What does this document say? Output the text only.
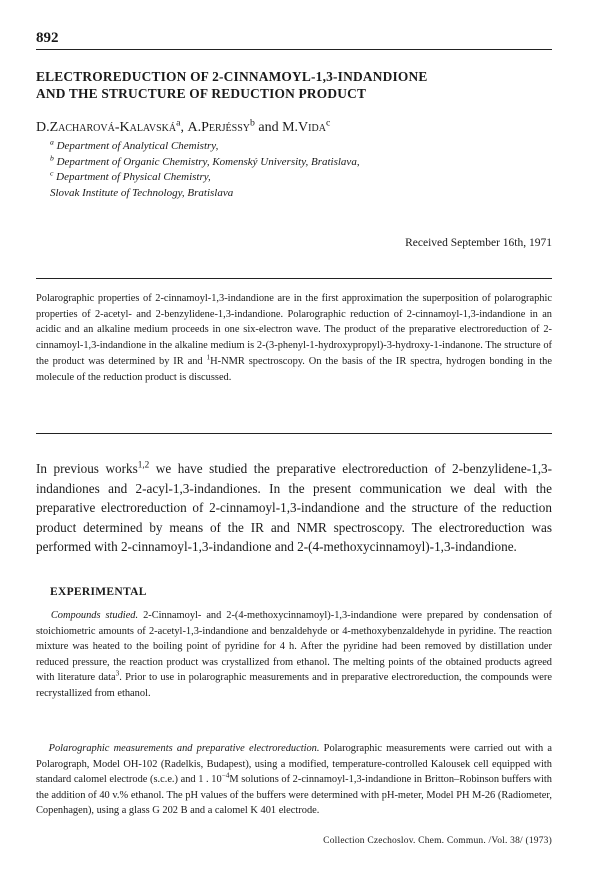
892
ELECTROREDUCTION OF 2-CINNAMOYL-1,3-INDANDIONE
AND THE STRUCTURE OF REDUCTION PRODUCT
D.Zacharová-Kalavská$^a$, A.Perjéssy$^b$ and M.Vida$^c$
$^a$ Department of Analytical Chemistry,
$^b$ Department of Organic Chemistry, Komenský University, Bratislava,
$^c$ Department of Physical Chemistry,
Slovak Institute of Technology, Bratislava
Received September 16th, 1971
Polarographic properties of 2-cinnamoyl-1,3-indandione are in the first approximation the superposition of polarographic properties of 2-acetyl- and 2-benzylidene-1,3-indandione. Polarographic reduction of 2-cinnamoyl-1,3-indandione in an acidic and an alkaline medium proceeds in one six-electron wave. The product of the preparative electroreduction of 2-cinnamoyl-1,3-indandione in the alkaline medium is 2-(3-phenyl-1-hydroxypropyl)-3-hydroxy-1-indanone. The structure of the product was determined by IR and $^1$H-NMR spectroscopy. On the basis of the IR spectra, hydrogen bonding in the molecule of the reduction product is discussed.
In previous works$^{1,2}$ we have studied the preparative electroreduction of 2-benzylidene-1,3-indandiones and 2-acyl-1,3-indandiones. In the present communication we deal with the preparative electroreduction of 2-cinnamoyl-1,3-indandione and the structure of the reduction product determined by means of the IR and NMR spectroscopy. The electroreduction was performed with 2-cinnamoyl-1,3-indandione and 2-(4-methoxycinnamoyl)-1,3-indandione.
EXPERIMENTAL
Compounds studied. 2-Cinnamoyl- and 2-(4-methoxycinnamoyl)-1,3-indandione were prepared by condensation of stoichiometric amounts of 2-acetyl-1,3-indandione and benzaldehyde or 4-methoxybenzaldehyde in pyridine. The reaction mixture was heated to the boiling point of pyridine for 4 h. After the pyridine had been removed by distillation under reduced pressure, the reaction product was crystallized from ethanol. The melting points of the obtained products agreed with literature data$^3$. Prior to use in polarographic measurements and in preparative electroreduction, the compounds were recrystallized from ethanol.
Polarographic measurements and preparative electroreduction. Polarographic measurements were carried out with a Polarograph, Model OH-102 (Radelkis, Budapest), using a modified, temperature-controlled Kalousek cell equipped with standard calomel electrode (s.c.e.) and 1 . $10^{-4}M$ solutions of 2-cinnamoyl-1,3-indandione in Britton–Robinson buffers with the addition of 40 v.% ethanol. The pH values of the buffers were determined with pH-meter, Model PH M-26 (Radiometer, Copenhagen), using a glass G 202 B and a calomel K 401 electrode.
Collection Czechoslov. Chem. Commun. /Vol. 38/ (1973)
